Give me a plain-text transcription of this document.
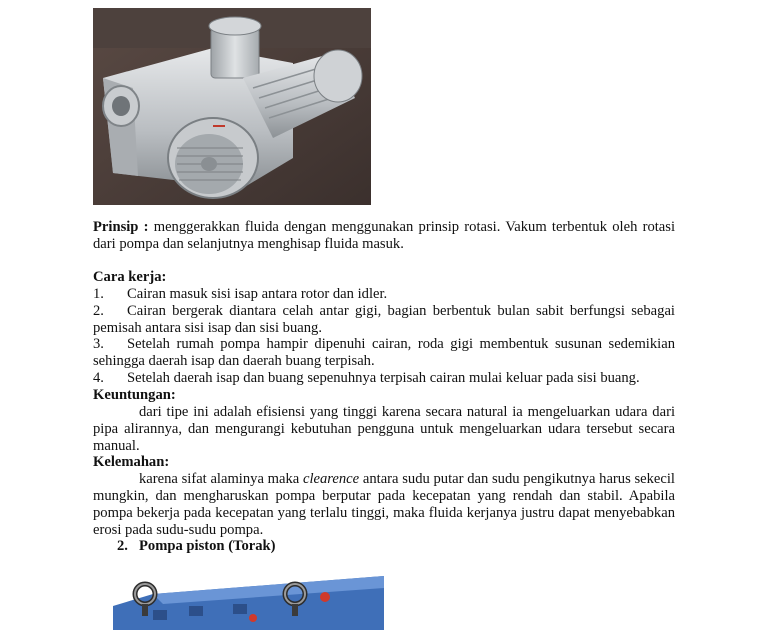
Prinsip : menggerakkan fluida dengan menggunakan prinsip rotasi. Vakum terbentuk oleh rotasi dari pompa dan selanjutnya menghisap fluida masuk.
Cara kerja:
1. Cairan masuk sisi isap antara rotor dan idler.
2. Cairan bergerak diantara celah antar gigi, bagian berbentuk bulan sabit berfungsi sebagai pemisah antara sisi isap dan sisi buang.
3. Setelah rumah pompa hampir dipenuhi cairan, roda gigi membentuk susunan sedemikian sehingga daerah isap dan daerah buang terpisah.
4. Setelah daerah isap dan buang sepenuhnya terpisah cairan mulai keluar pada sisi buang.
Keuntungan:
dari tipe ini adalah efisiensi yang tinggi karena secara natural ia mengeluarkan udara dari pipa alirannya, dan mengurangi kebutuhan pengguna untuk mengeluarkan udara tersebut secara manual.
Kelemahan:
karena sifat alaminya maka clearence antara sudu putar dan sudu pengikutnya harus sekecil mungkin, dan mengharuskan pompa berputar pada kecepatan yang rendah dan stabil. Apabila pompa bekerja pada kecepatan yang terlalu tinggi, maka fluida kerjanya justru dapat menyebabkan erosi pada sudu-sudu pompa.
2. Pompa piston (Torak)
